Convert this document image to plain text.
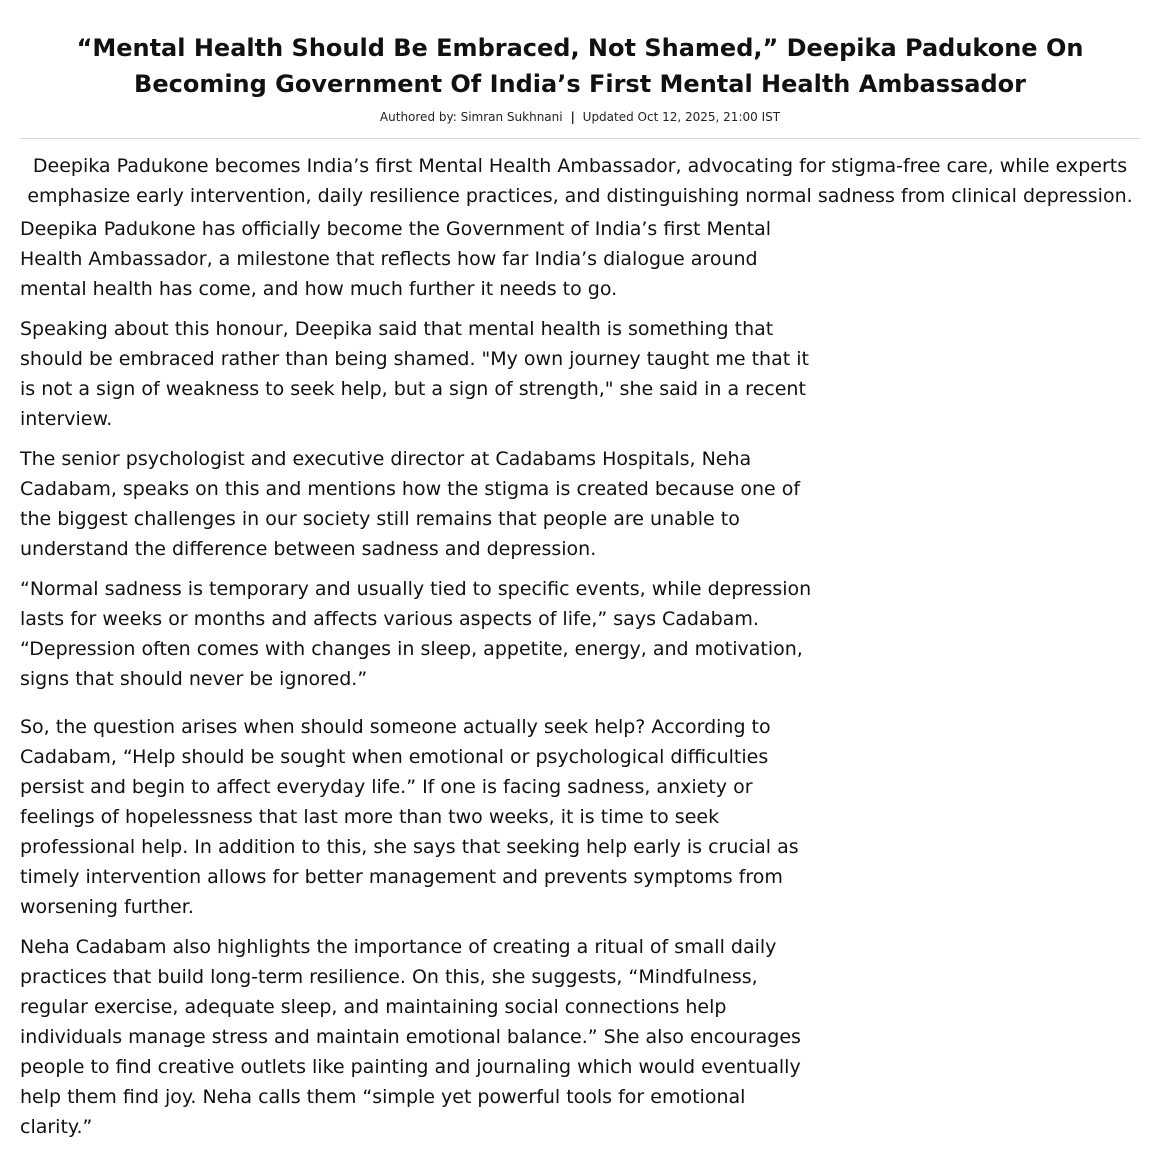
“Mental Health Should Be Embraced, Not Shamed,” Deepika Padukone On Becoming Government Of India’s First Mental Health Ambassador
Authored by: Simran Sukhnani | Updated Oct 12, 2025, 21:00 IST
Deepika Padukone becomes India’s first Mental Health Ambassador, advocating for stigma-free care, while experts emphasize early intervention, daily resilience practices, and distinguishing normal sadness from clinical depression.

Deepika Padukone has officially become the Government of India’s first Mental Health Ambassador, a milestone that reflects how far India’s dialogue around mental health has come, and how much further it needs to go.

Speaking about this honour, Deepika said that mental health is something that should be embraced rather than being shamed. "My own journey taught me that it is not a sign of weakness to seek help, but a sign of strength," she said in a recent interview.

The senior psychologist and executive director at Cadabams Hospitals, Neha Cadabam, speaks on this and mentions how the stigma is created because one of the biggest challenges in our society still remains that people are unable to understand the difference between sadness and depression.

“Normal sadness is temporary and usually tied to specific events, while depression lasts for weeks or months and affects various aspects of life,” says Cadabam. “Depression often comes with changes in sleep, appetite, energy, and motivation, signs that should never be ignored.”

So, the question arises when should someone actually seek help? According to Cadabam, “Help should be sought when emotional or psychological difficulties persist and begin to affect everyday life.” If one is facing sadness, anxiety or feelings of hopelessness that last more than two weeks, it is time to seek professional help. In addition to this, she says that seeking help early is crucial as timely intervention allows for better management and prevents symptoms from worsening further.

Neha Cadabam also highlights the importance of creating a ritual of small daily practices that build long-term resilience. On this, she suggests, “Mindfulness, regular exercise, adequate sleep, and maintaining social connections help individuals manage stress and maintain emotional balance.” She also encourages people to find creative outlets like painting and journaling which would eventually help them find joy. Neha calls them “simple yet powerful tools for emotional clarity.”
